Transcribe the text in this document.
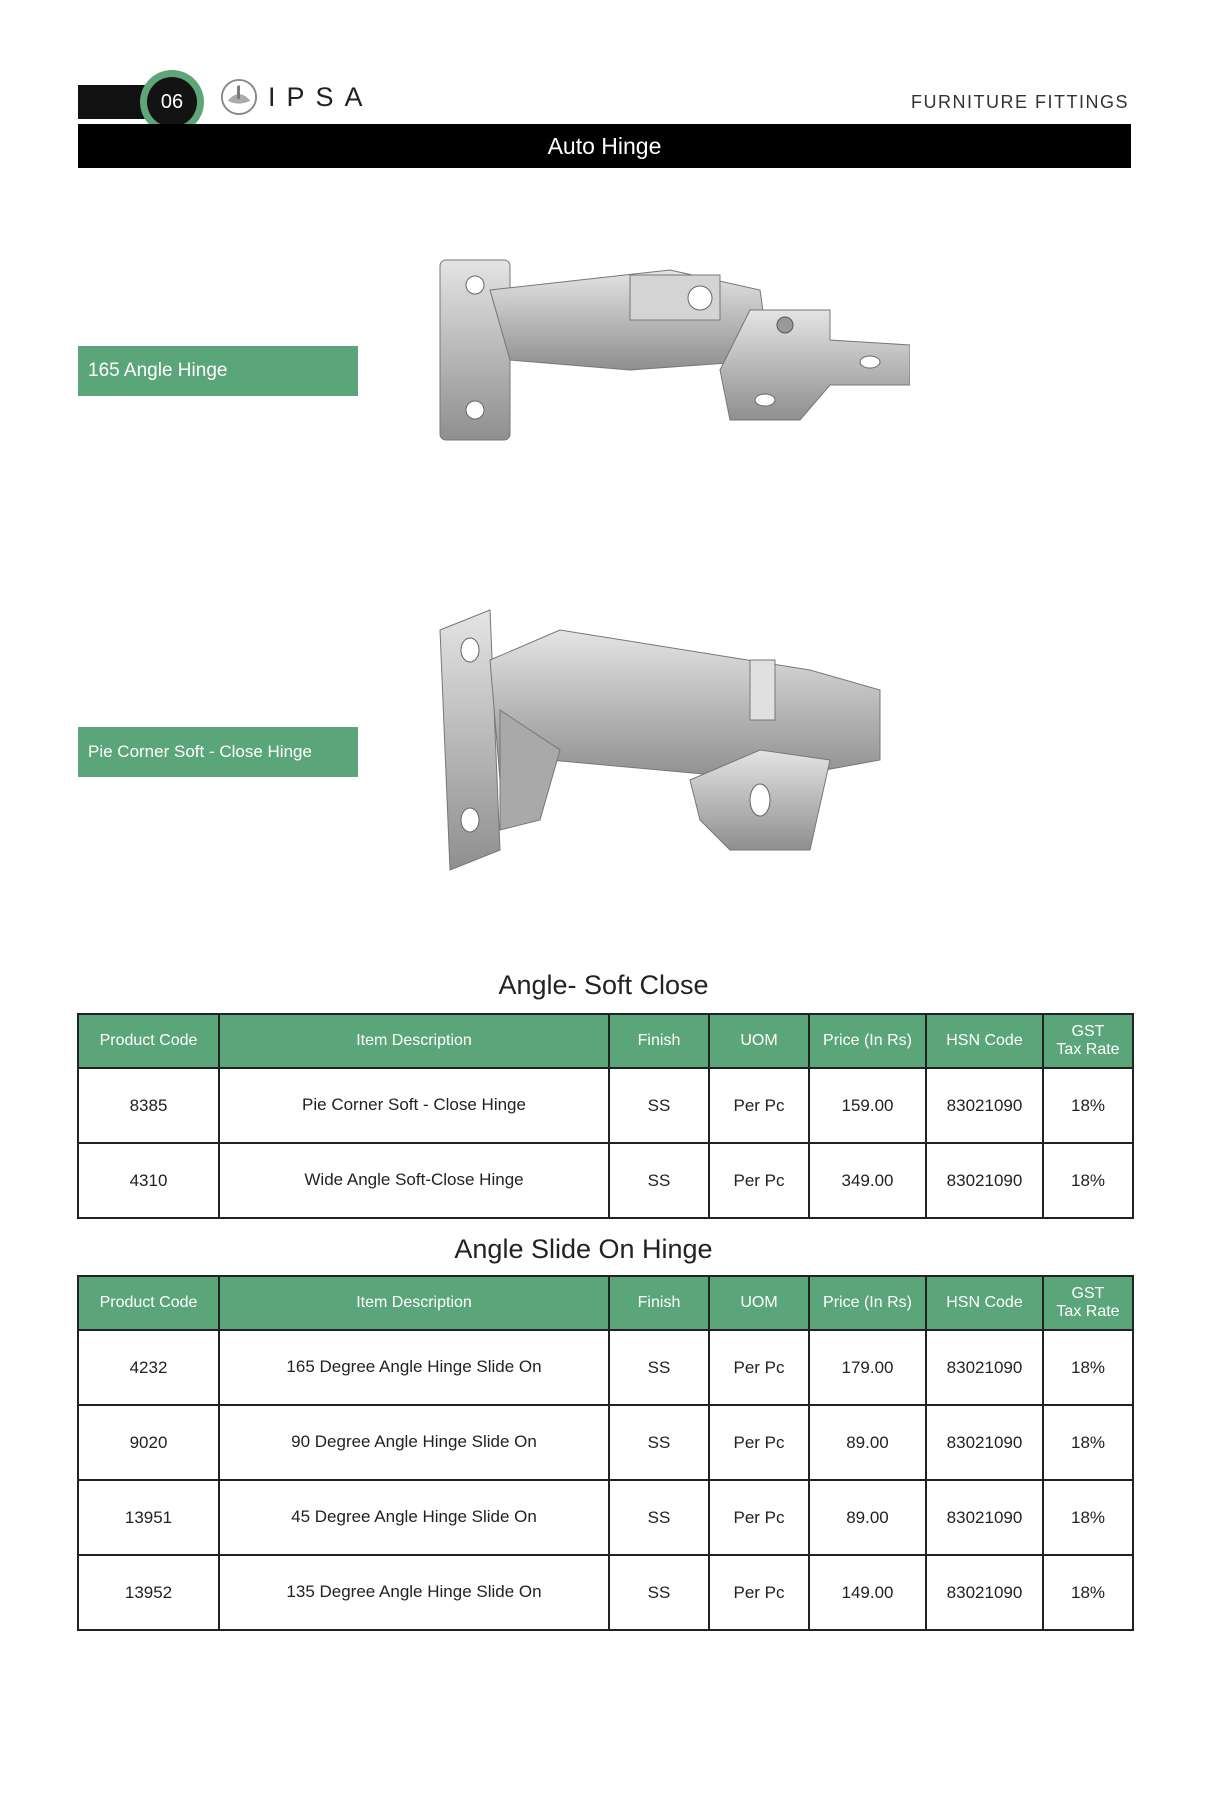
06	IPSA	FURNITURE FITTINGS
Auto Hinge
165 Angle Hinge
Pie Corner Soft - Close Hinge
Angle- Soft Close
Product Code	Item Description	Finish	UOM	Price (In Rs)	HSN Code	GST
Tax Rate
8385	Pie Corner Soft - Close Hinge	SS	Per Pc	159.00	83021090	18%
4310	Wide Angle Soft-Close Hinge	SS	Per Pc	349.00	83021090	18%
Angle Slide On Hinge
Product Code	Item Description	Finish	UOM	Price (In Rs)	HSN Code	GST
Tax Rate
4232	165 Degree Angle Hinge Slide On	SS	Per Pc	179.00	83021090	18%
9020	90 Degree Angle Hinge Slide On	SS	Per Pc	89.00	83021090	18%
13951	45 Degree Angle Hinge Slide On	SS	Per Pc	89.00	83021090	18%
13952	135 Degree Angle Hinge Slide On	SS	Per Pc	149.00	83021090	18%
